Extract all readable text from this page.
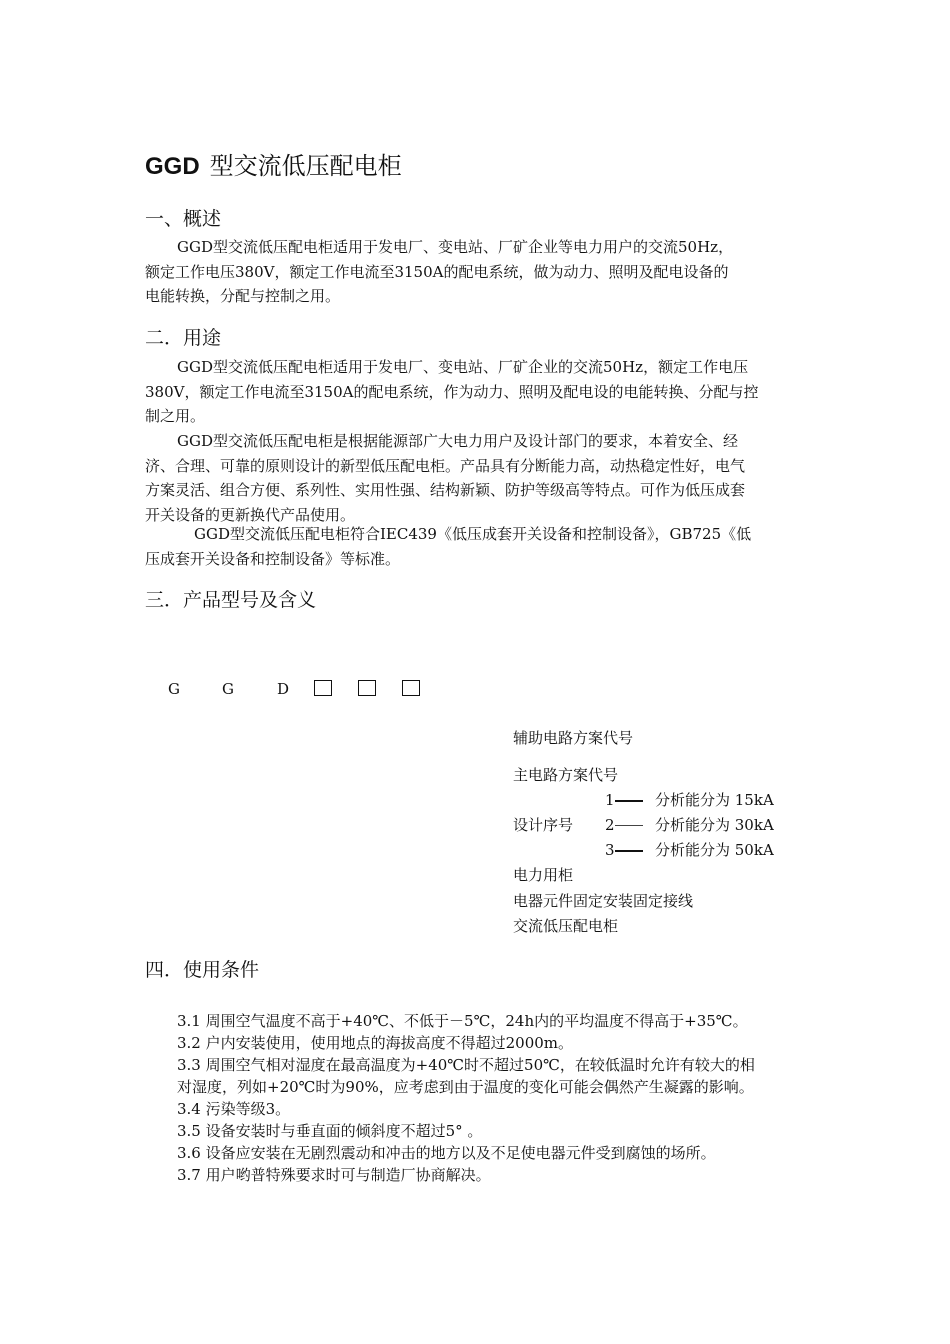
GGD 型交流低压配电柜
一、概述
GGD型交流低压配电柜适用于发电厂、变电站、厂矿企业等电力用户的交流50Hz，
额定工作电压380V，额定工作电流至3150A的配电系统，做为动力、照明及配电设备的
电能转换，分配与控制之用。
二．用途
GGD型交流低压配电柜适用于发电厂、变电站、厂矿企业的交流50Hz，额定工作电压
380V，额定工作电流至3150A的配电系统，作为动力、照明及配电设的电能转换、分配与控
制之用。
GGD型交流低压配电柜是根据能源部广大电力用户及设计部门的要求，本着安全、经
济、合理、可靠的原则设计的新型低压配电柜。产品具有分断能力高，动热稳定性好，电气
方案灵活、组合方便、系列性、实用性强、结构新颖、防护等级高等特点。可作为低压成套
开关设备的更新换代产品使用。
GGD型交流低压配电柜符合IEC439《低压成套开关设备和控制设备》，GB725《低
压成套开关设备和控制设备》等标准。
三．产品型号及含义
G	G	D
辅助电路方案代号
主电路方案代号
1	分析能分为 15kA
设计序号 2	分析能分为 30kA
3	分析能分为 50kA
电力用柜
电器元件固定安装固定接线
交流低压配电柜
四．使用条件
3.1 周围空气温度不高于+40℃、不低于－5℃，24h内的平均温度不得高于+35℃。
3.2 户内安装使用，使用地点的海拔高度不得超过2000m。
3.3 周围空气相对湿度在最高温度为+40℃时不超过50℃，在较低温时允许有较大的相
对湿度，列如+20℃时为90%，应考虑到由于温度的变化可能会偶然产生凝露的影响。
3.4 污染等级3。
3.5 设备安装时与垂直面的倾斜度不超过5° 。
3.6 设备应安装在无剧烈震动和冲击的地方以及不足使电器元件受到腐蚀的场所。
3.7 用户哟普特殊要求时可与制造厂协商解决。
